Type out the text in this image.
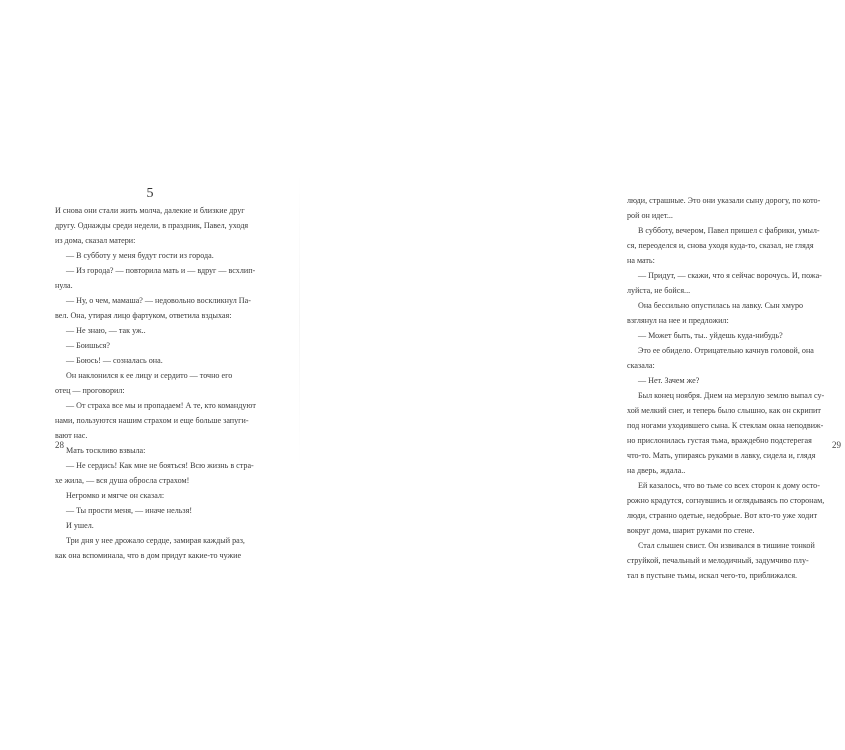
5
И снова они стали жить молча, далекие и близкие друг
другу. Однажды среди недели, в праздник, Павел, уходя
из дома, сказал матери:
— В субботу у меня будут гости из города.
— Из города? — повторила мать и — вдруг — всхлип-
нула.
— Ну, о чем, мамаша? — недовольно воскликнул Па-
вел. Она, утирая лицо фартуком, ответила вздыхая:
— Не знаю, — так уж..
— Боишься?
— Боюсь! — созналась она.
Он наклонился к ее лицу и сердито — точно его
отец — проговорил:
— От страха все мы и пропадаем! А те, кто командуют
нами, пользуются нашим страхом и еще больше запуги-
вают нас.
Мать тоскливо взвыла:
— Не сердись! Как мне не бояться! Всю жизнь в стра-
хе жила, — вся душа обросла страхом!
Негромко и мягче он сказал:
— Ты прости меня, — иначе нельзя!
И ушел.
Три дня у нее дрожало сердце, замирая каждый раз,
как она вспоминала, что в дом придут какие-то чужие
28
люди, страшные. Это они указали сыну дорогу, по кото-
рой он идет...
В субботу, вечером, Павел пришел с фабрики, умыл-
ся, переоделся и, снова уходя куда-то, сказал, не глядя
на мать:
— Придут, — скажи, что я сейчас ворочусь. И, пожа-
луйста, не бойся...
Она бессильно опустилась на лавку. Сын хмуро
взглянул на нее и предложил:
— Может быть, ты.. уйдешь куда-нибудь?
Это ее обидело. Отрицательно качнув головой, она
сказала:
— Нет. Зачем же?
Был конец ноября. Днем на мерзлую землю выпал су-
хой мелкий снег, и теперь было слышно, как он скрипит
под ногами уходившего сына. К стеклам окна неподвиж-
но прислонилась густая тьма, враждебно подстерегая
что-то. Мать, упираясь руками в лавку, сидела и, глядя
на дверь, ждала..
Ей казалось, что во тьме со всех сторон к дому осто-
рожно крадутся, согнувшись и оглядываясь по сторонам,
люди, странно одетые, недобрые. Вот кто-то уже ходит
вокруг дома, шарит руками по стене.
Стал слышен свист. Он извивался в тишине тонкой
струйкой, печальный и мелодичный, задумчиво плу-
тал в пустыне тьмы, искал чего-то, приближался.
29
